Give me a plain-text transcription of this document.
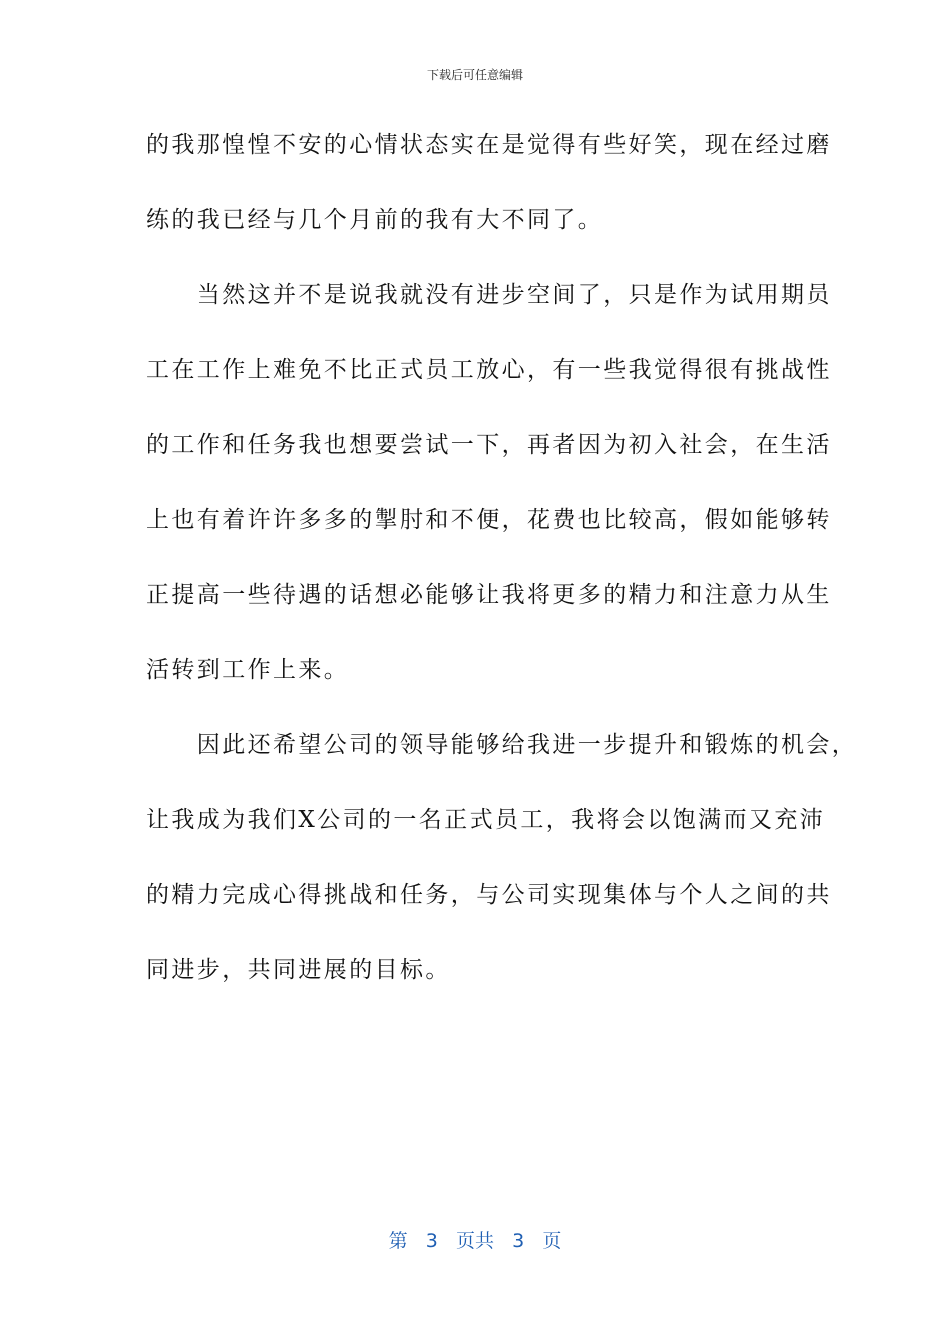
下载后可任意编辑
的我那惶惶不安的心情状态实在是觉得有些好笑，现在经过磨
练的我已经与几个月前的我有大不同了。
　　当然这并不是说我就没有进步空间了，只是作为试用期员
工在工作上难免不比正式员工放心，有一些我觉得很有挑战性
的工作和任务我也想要尝试一下，再者因为初入社会，在生活
上也有着许许多多的掣肘和不便，花费也比较高，假如能够转
正提高一些待遇的话想必能够让我将更多的精力和注意力从生
活转到工作上来。
　　因此还希望公司的领导能够给我进一步提升和锻炼的机会，
让我成为我们X公司的一名正式员工，我将会以饱满而又充沛
的精力完成心得挑战和任务，与公司实现集体与个人之间的共
同进步，共同进展的目标。
第 3 页共 3 页
